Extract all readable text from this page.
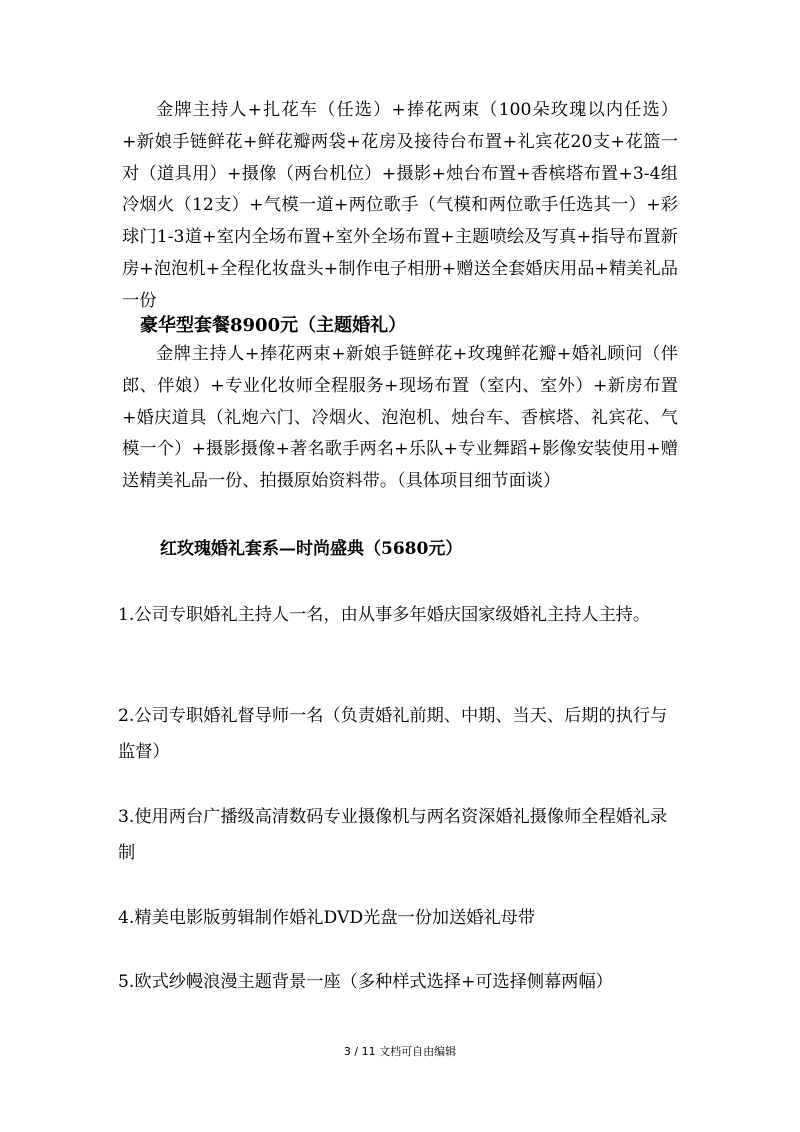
金牌主持人+扎花车（任选）+捧花两束（100朵玫瑰以内任选）+新娘手链鲜花+鲜花瓣两袋+花房及接待台布置+礼宾花20支+花篮一对（道具用）+摄像（两台机位）+摄影+烛台布置+香槟塔布置+3-4组冷烟火（12支）+气模一道+两位歌手（气模和两位歌手任选其一）+彩球门1-3道+室内全场布置+室外全场布置+主题喷绘及写真+指导布置新房+泡泡机+全程化妆盘头+制作电子相册+赠送全套婚庆用品+精美礼品一份
豪华型套餐8900元（主题婚礼）
金牌主持人+捧花两束+新娘手链鲜花+玫瑰鲜花瓣+婚礼顾问（伴郎、伴娘）+专业化妆师全程服务+现场布置（室内、室外）+新房布置+婚庆道具（礼炮六门、冷烟火、泡泡机、烛台车、香槟塔、礼宾花、气模一个）+摄影摄像+著名歌手两名+乐队+专业舞蹈+影像安装使用+赠送精美礼品一份、拍摄原始资料带。（具体项目细节面谈）
红玫瑰婚礼套系—时尚盛典（5680元）
1.公司专职婚礼主持人一名，由从事多年婚庆国家级婚礼主持人主持。
2.公司专职婚礼督导师一名（负责婚礼前期、中期、当天、后期的执行与监督）
3.使用两台广播级高清数码专业摄像机与两名资深婚礼摄像师全程婚礼录制
4.精美电影版剪辑制作婚礼DVD光盘一份加送婚礼母带
5.欧式纱幔浪漫主题背景一座（多种样式选择+可选择侧幕两幅）
3 / 11 文档可自由编辑
